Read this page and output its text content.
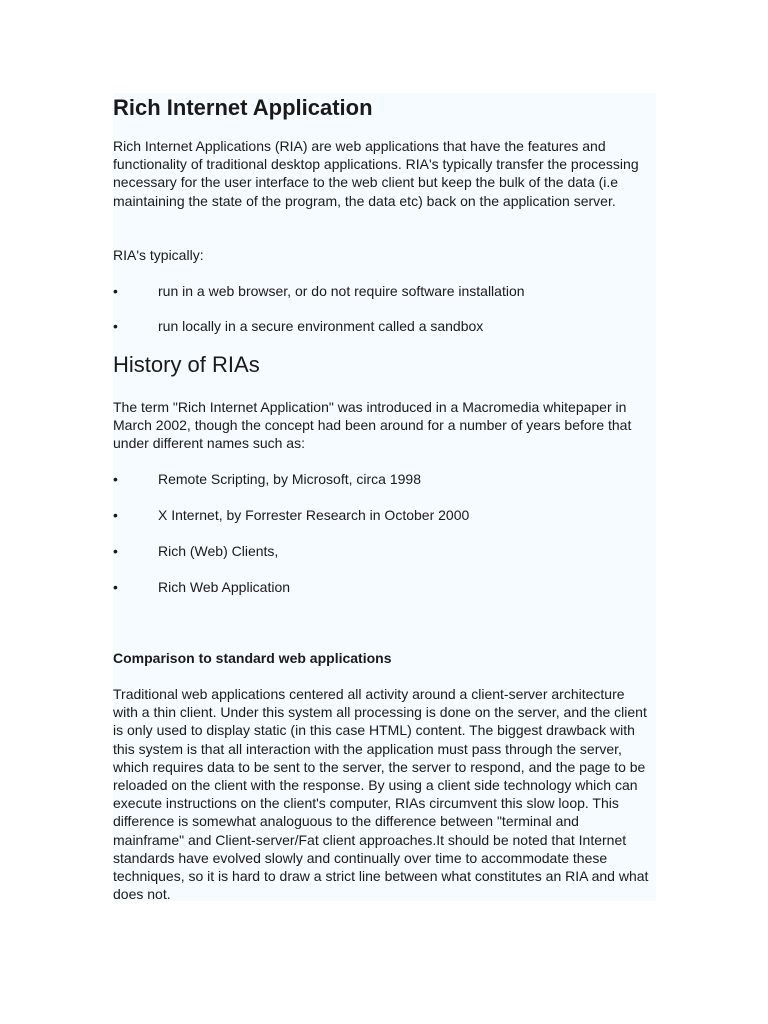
Rich Internet Application

Rich Internet Applications (RIA) are web applications that have the features and functionality of traditional desktop applications. RIA's typically transfer the processing necessary for the user interface to the web client but keep the bulk of the data (i.e maintaining the state of the program, the data etc) back on the application server.

RIA's typically:

•	run in a web browser, or do not require software installation
•	run locally in a secure environment called a sandbox
History of RIAs

The term "Rich Internet Application" was introduced in a Macromedia whitepaper in March 2002, though the concept had been around for a number of years before that under different names such as:

•	Remote Scripting, by Microsoft, circa 1998
•	X Internet, by Forrester Research in October 2000
•	Rich (Web) Clients,
•	Rich Web Application
Comparison to standard web applications

Traditional web applications centered all activity around a client-server architecture with a thin client. Under this system all processing is done on the server, and the client is only used to display static (in this case HTML) content. The biggest drawback with this system is that all interaction with the application must pass through the server, which requires data to be sent to the server, the server to respond, and the page to be reloaded on the client with the response. By using a client side technology which can execute instructions on the client's computer, RIAs circumvent this slow loop. This difference is somewhat analoguous to the difference between "terminal and mainframe" and Client-server/Fat client approaches.It should be noted that Internet standards have evolved slowly and continually over time to accommodate these techniques, so it is hard to draw a strict line between what constitutes an RIA and what does not.
